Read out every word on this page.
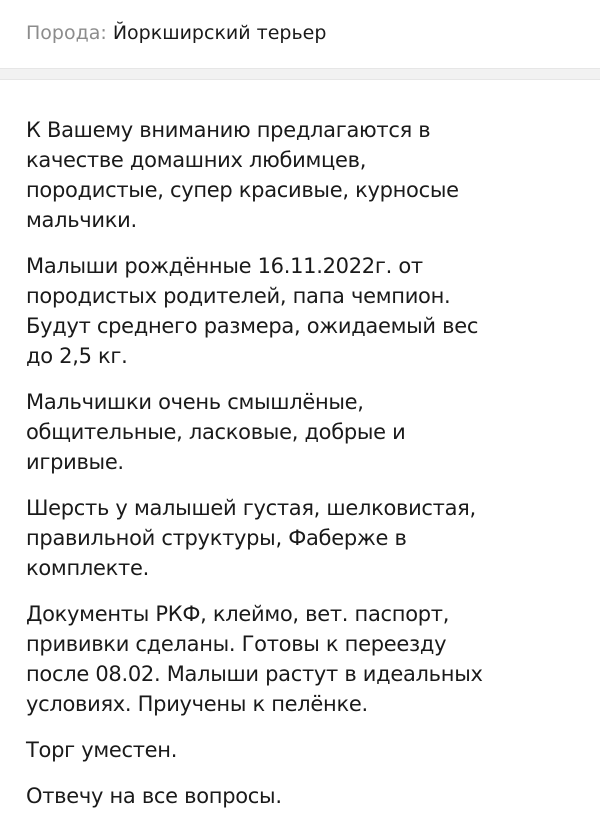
Порода: Йоркширский терьер

К Вашему вниманию предлагаются в
качестве домашних любимцев,
породистые, супер красивые, курносые
мальчики.

Малыши рождённые 16.11.2022г. от
породистых родителей, папа чемпион.
Будут среднего размера, ожидаемый вес
до 2,5 кг.

Мальчишки очень смышлёные,
общительные, ласковые, добрые и
игривые.

Шерсть у малышей густая, шелковистая,
правильной структуры, Фаберже в
комплекте.

Документы РКФ, клеймо, вет. паспорт,
прививки сделаны. Готовы к переезду
после 08.02. Малыши растут в идеальных
условиях. Приучены к пелёнке.

Торг уместен.

Отвечу на все вопросы.
